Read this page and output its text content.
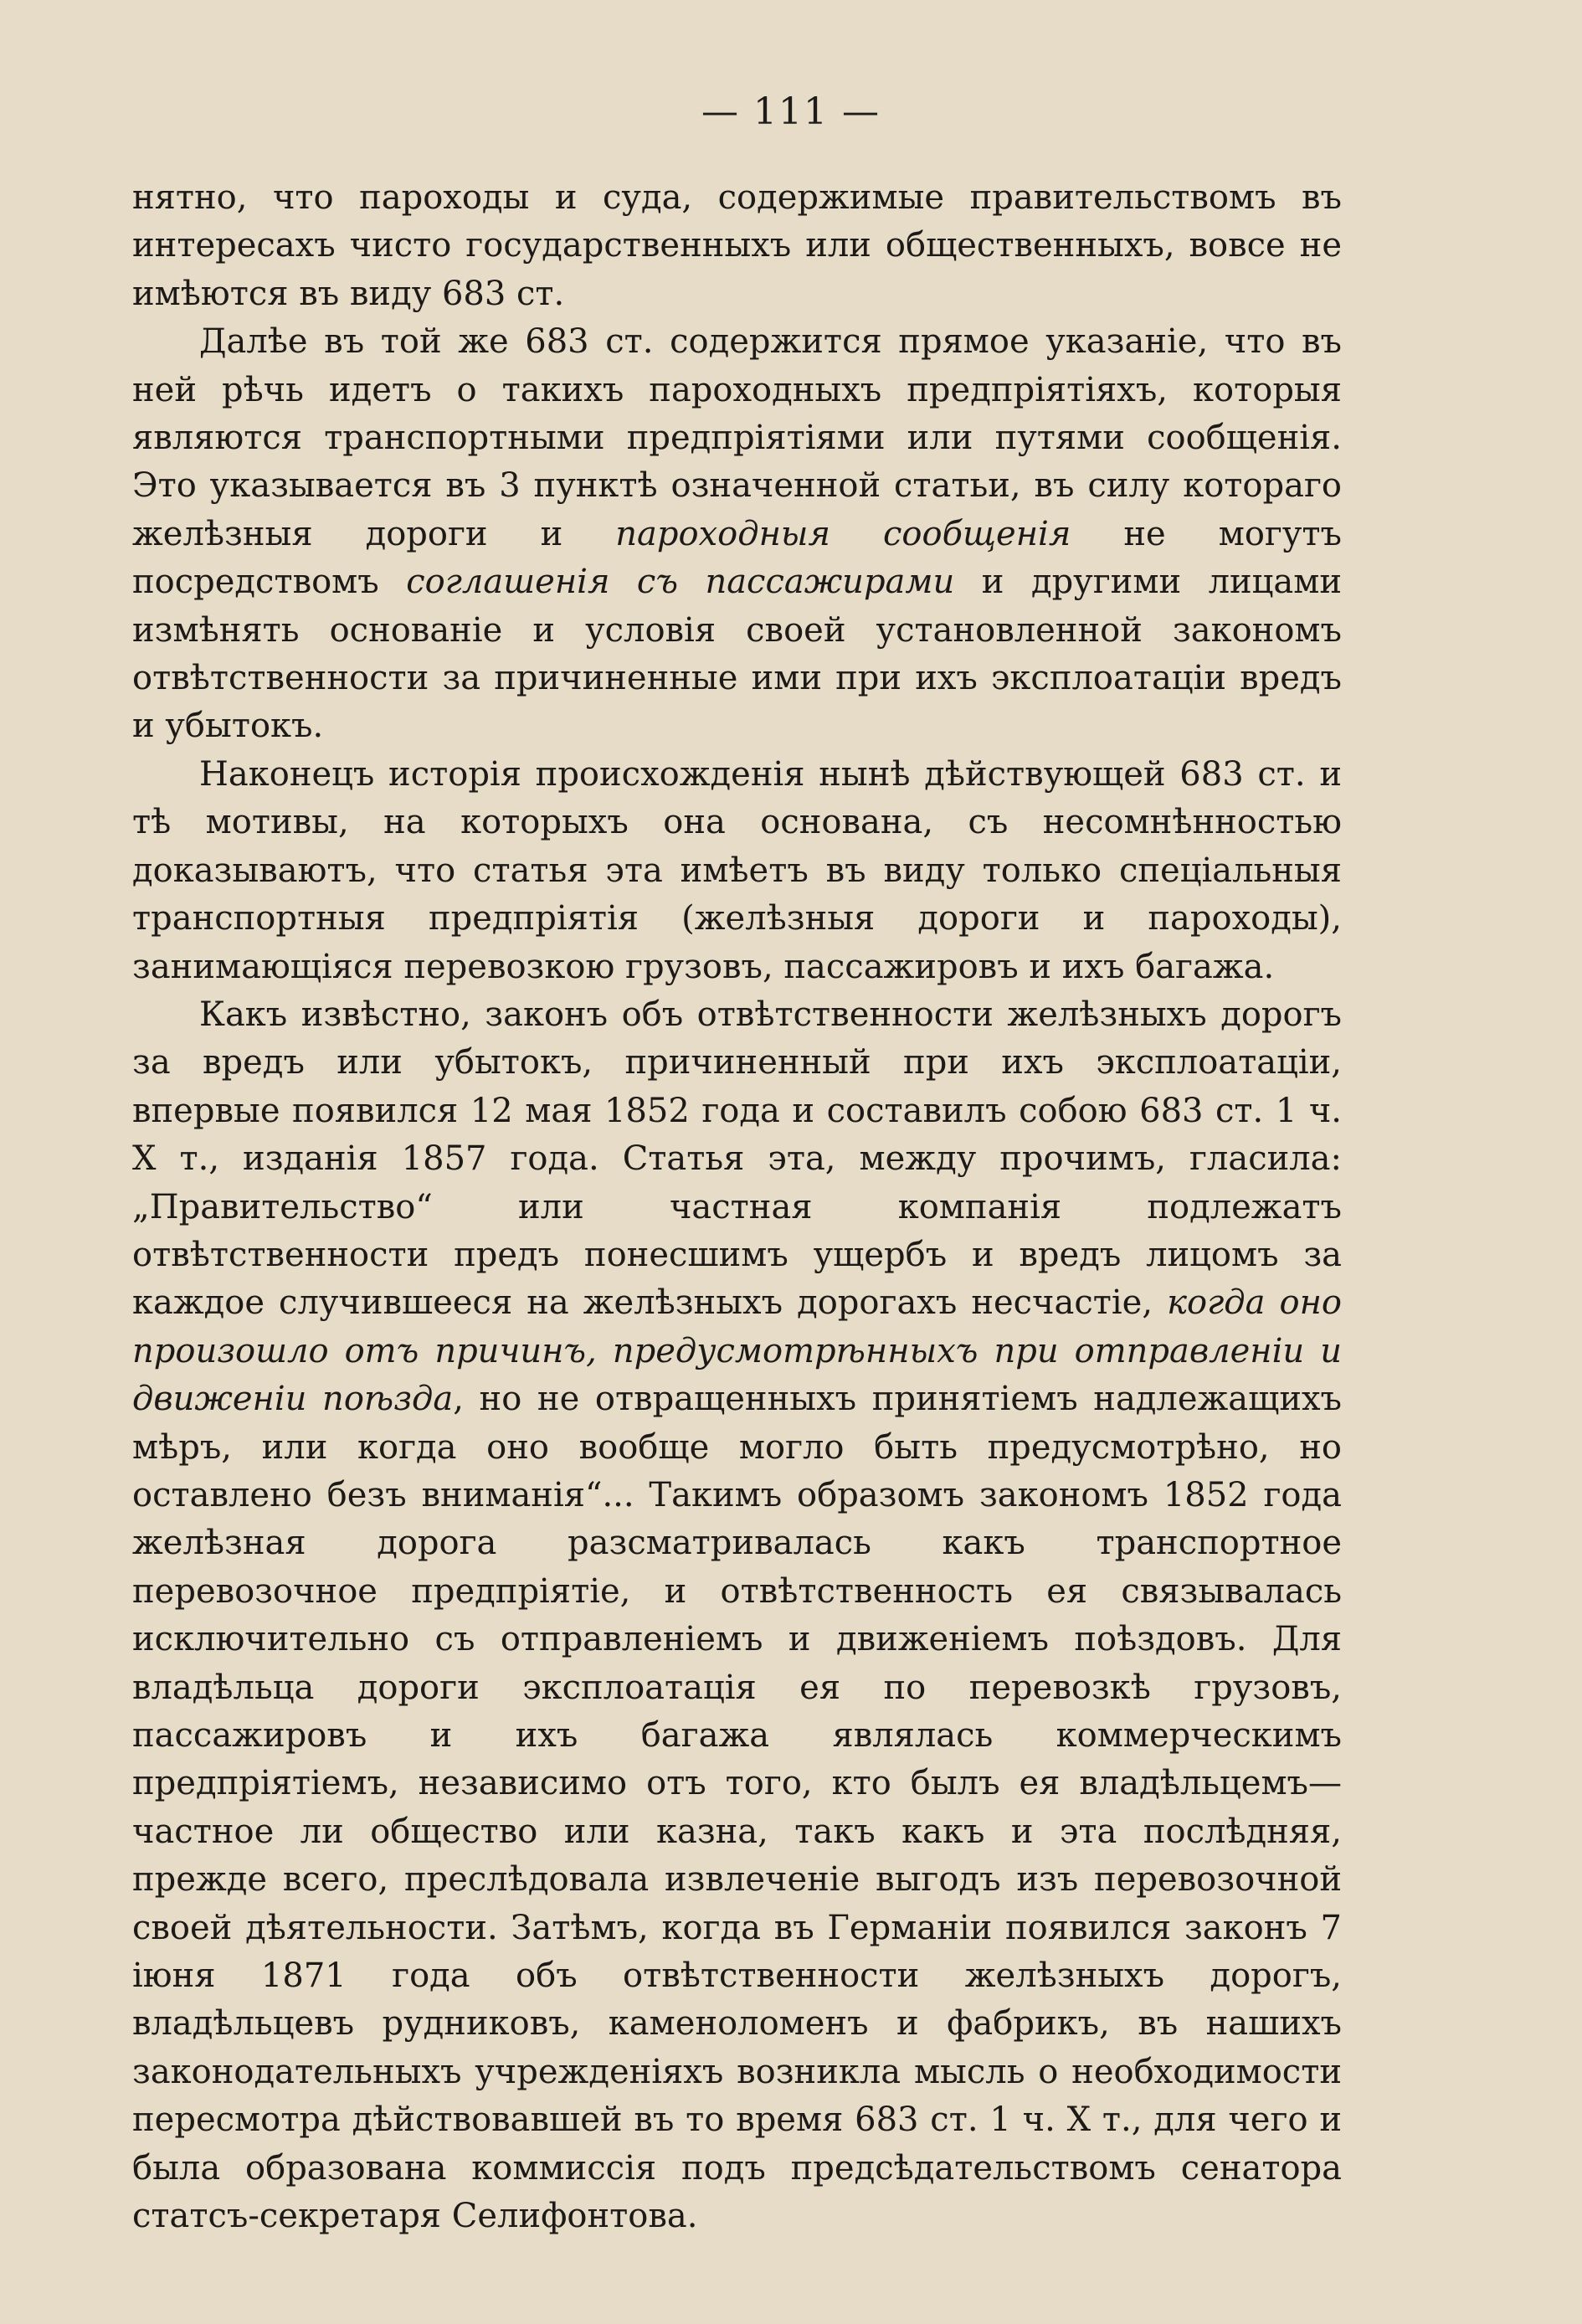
— 111 —

нятно, что пароходы и суда, содержимые правительствомъ въ интересахъ чисто государственныхъ или общественныхъ, вовсе не имѣются въ виду 683 ст.

Далѣе въ той же 683 ст. содержится прямое указаніе, что въ ней рѣчь идетъ о такихъ пароходныхъ предпріятіяхъ, которыя являются транспортными предпріятіями или путями сообщенія. Это указывается въ 3 пунктѣ означенной статьи, въ силу котораго желѣзныя дороги и пароходныя сообщенія не могутъ посредствомъ соглашенія съ пассажирами и другими лицами измѣнять основаніе и условія своей установленной закономъ отвѣтственности за причиненные ими при ихъ эксплоатаціи вредъ и убытокъ.

Наконецъ исторія происхожденія нынѣ дѣйствующей 683 ст. и тѣ мотивы, на которыхъ она основана, съ несомнѣнностью доказываютъ, что статья эта имѣетъ въ виду только спеціальныя транспортныя предпріятія (желѣзныя дороги и пароходы), занимающіяся перевозкою грузовъ, пассажировъ и ихъ багажа.

Какъ извѣстно, законъ объ отвѣтственности желѣзныхъ дорогъ за вредъ или убытокъ, причиненный при ихъ эксплоатаціи, впервые появился 12 мая 1852 года и составилъ собою 683 ст. 1 ч. X т., изданія 1857 года. Статья эта, между прочимъ, гласила: „Правительство“ или частная компанія подлежатъ отвѣтственности предъ понесшимъ ущербъ и вредъ лицомъ за каждое случившееся на желѣзныхъ дорогахъ несчастіе, когда оно произошло отъ причинъ, предусмотрѣнныхъ при отправленіи и движеніи поѣзда, но не отвращенныхъ принятіемъ надлежащихъ мѣръ, или когда оно вообще могло быть предусмотрѣно, но оставлено безъ вниманія“... Такимъ образомъ закономъ 1852 года желѣзная дорога разсматривалась какъ транспортное перевозочное предпріятіе, и отвѣтственность ея связывалась исключительно съ отправленіемъ и движеніемъ поѣздовъ. Для владѣльца дороги эксплоатація ея по перевозкѣ грузовъ, пассажировъ и ихъ багажа являлась коммерческимъ предпріятіемъ, независимо отъ того, кто былъ ея владѣльцемъ—частное ли общество или казна, такъ какъ и эта послѣдняя, прежде всего, преслѣдовала извлеченіе выгодъ изъ перевозочной своей дѣятельности. Затѣмъ, когда въ Германіи появился законъ 7 іюня 1871 года объ отвѣтственности желѣзныхъ дорогъ, владѣльцевъ рудниковъ, каменоломенъ и фабрикъ, въ нашихъ законодательныхъ учрежденіяхъ возникла мысль о необходимости пересмотра дѣйствовавшей въ то время 683 ст. 1 ч. X т., для чего и была образована коммиссія подъ предсѣдательствомъ сенатора статсъ-секретаря Селифонтова.
